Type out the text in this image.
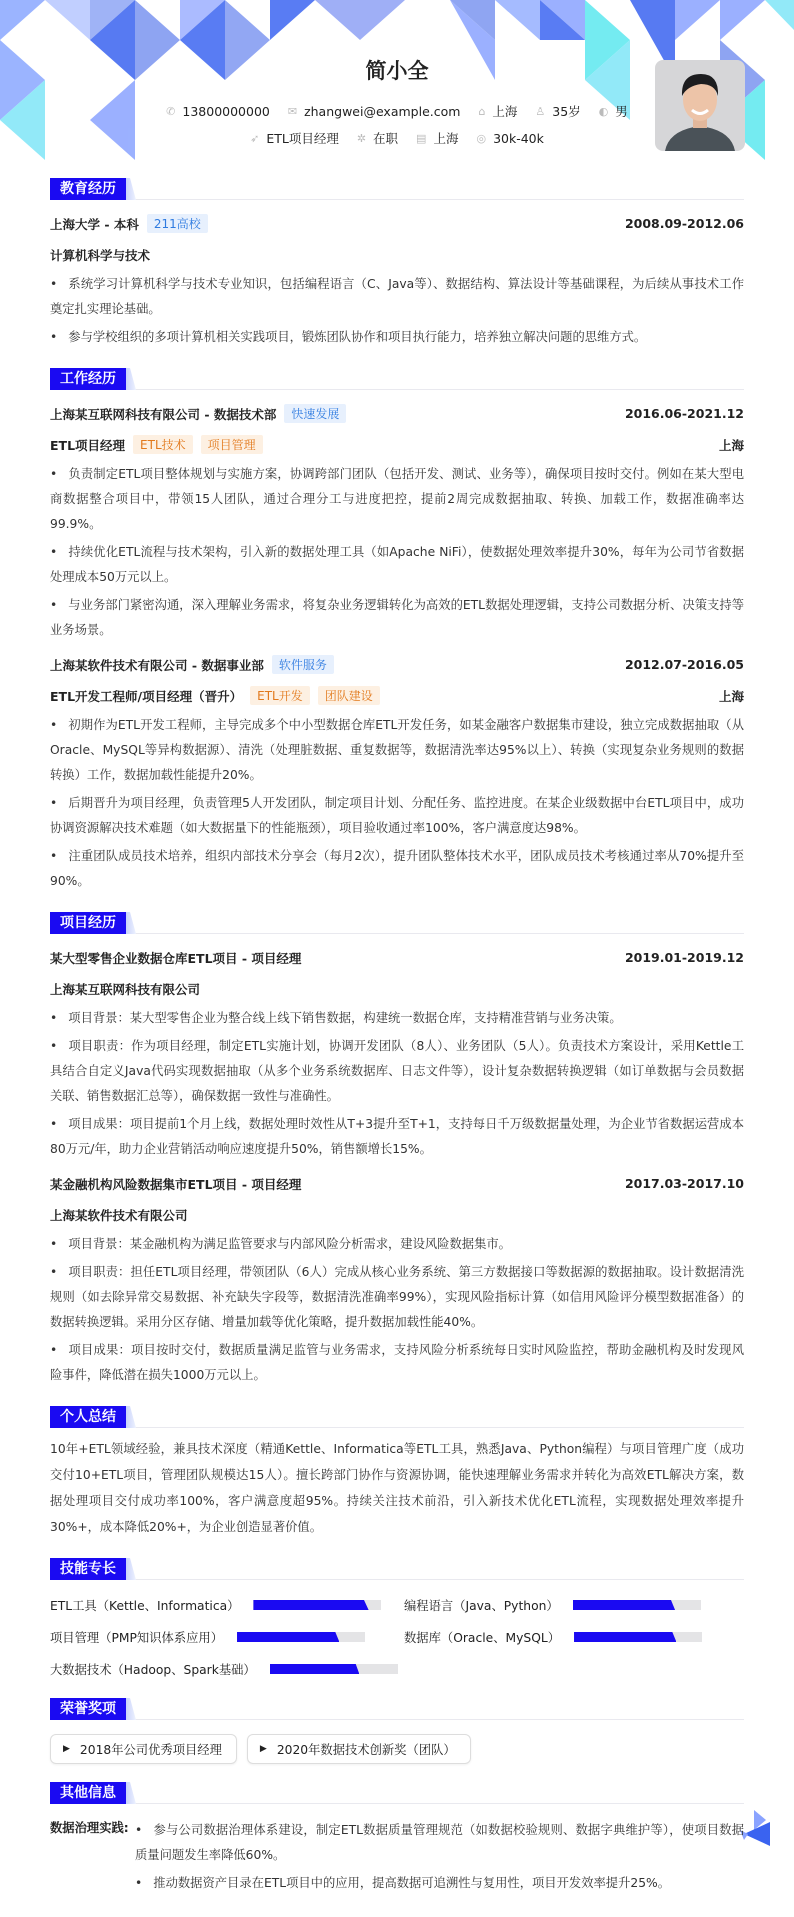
简小全
✆ 13800000000
✉ zhangwei@example.com
⌂ 上海
♙ 35岁
◐ 男
➶ ETL项目经理
✲ 在职
▤ 上海
◎ 30k-40k
教育经历
上海大学 - 本科	211高校	2008.09-2012.06
计算机科学与技术
• 系统学习计算机科学与技术专业知识，包括编程语言（C、Java等）、数据结构、算法设计等基础课程，为后续从事技术工作奠定扎实理论基础。
• 参与学校组织的多项计算机相关实践项目，锻炼团队协作和项目执行能力，培养独立解决问题的思维方式。
工作经历
上海某互联网科技有限公司 - 数据技术部	快速发展	2016.06-2021.12
ETL项目经理	ETL技术	项目管理	上海
• 负责制定ETL项目整体规划与实施方案，协调跨部门团队（包括开发、测试、业务等），确保项目按时交付。例如在某大型电商数据整合项目中，带领15人团队，通过合理分工与进度把控，提前2周完成数据抽取、转换、加载工作，数据准确率达99.9%。
• 持续优化ETL流程与技术架构，引入新的数据处理工具（如Apache NiFi），使数据处理效率提升30%，每年为公司节省数据处理成本50万元以上。
• 与业务部门紧密沟通，深入理解业务需求，将复杂业务逻辑转化为高效的ETL数据处理逻辑，支持公司数据分析、决策支持等业务场景。
上海某软件技术有限公司 - 数据事业部	软件服务	2012.07-2016.05
ETL开发工程师/项目经理（晋升）	ETL开发	团队建设	上海
• 初期作为ETL开发工程师，主导完成多个中小型数据仓库ETL开发任务，如某金融客户数据集市建设，独立完成数据抽取（从Oracle、MySQL等异构数据源）、清洗（处理脏数据、重复数据等，数据清洗率达95%以上）、转换（实现复杂业务规则的数据转换）工作，数据加载性能提升20%。
• 后期晋升为项目经理，负责管理5人开发团队，制定项目计划、分配任务、监控进度。在某企业级数据中台ETL项目中，成功协调资源解决技术难题（如大数据量下的性能瓶颈），项目验收通过率100%，客户满意度达98%。
• 注重团队成员技术培养，组织内部技术分享会（每月2次），提升团队整体技术水平，团队成员技术考核通过率从70%提升至90%。
项目经历
某大型零售企业数据仓库ETL项目 - 项目经理	2019.01-2019.12
上海某互联网科技有限公司
• 项目背景：某大型零售企业为整合线上线下销售数据，构建统一数据仓库，支持精准营销与业务决策。
• 项目职责：作为项目经理，制定ETL实施计划，协调开发团队（8人）、业务团队（5人）。负责技术方案设计，采用Kettle工具结合自定义Java代码实现数据抽取（从多个业务系统数据库、日志文件等），设计复杂数据转换逻辑（如订单数据与会员数据关联、销售数据汇总等），确保数据一致性与准确性。
• 项目成果：项目提前1个月上线，数据处理时效性从T+3提升至T+1，支持每日千万级数据量处理，为企业节省数据运营成本80万元/年，助力企业营销活动响应速度提升50%，销售额增长15%。
某金融机构风险数据集市ETL项目 - 项目经理	2017.03-2017.10
上海某软件技术有限公司
• 项目背景：某金融机构为满足监管要求与内部风险分析需求，建设风险数据集市。
• 项目职责：担任ETL项目经理，带领团队（6人）完成从核心业务系统、第三方数据接口等数据源的数据抽取。设计数据清洗规则（如去除异常交易数据、补充缺失字段等，数据清洗准确率99%），实现风险指标计算（如信用风险评分模型数据准备）的数据转换逻辑。采用分区存储、增量加载等优化策略，提升数据加载性能40%。
• 项目成果：项目按时交付，数据质量满足监管与业务需求，支持风险分析系统每日实时风险监控，帮助金融机构及时发现风险事件，降低潜在损失1000万元以上。
个人总结
10年+ETL领域经验，兼具技术深度（精通Kettle、Informatica等ETL工具，熟悉Java、Python编程）与项目管理广度（成功交付10+ETL项目，管理团队规模达15人）。擅长跨部门协作与资源协调，能快速理解业务需求并转化为高效ETL解决方案，数据处理项目交付成功率100%，客户满意度超95%。持续关注技术前沿，引入新技术优化ETL流程，实现数据处理效率提升30%+，成本降低20%+，为企业创造显著价值。
技能专长
ETL工具（Kettle、Informatica）	编程语言（Java、Python）
项目管理（PMP知识体系应用）	数据库（Oracle、MySQL）
大数据技术（Hadoop、Spark基础）
荣誉奖项
▶ 2018年公司优秀项目经理	▶ 2020年数据技术创新奖（团队）
其他信息
数据治理实践:	• 参与公司数据治理体系建设，制定ETL数据质量管理规范（如数据校验规则、数据字典维护等），使项目数据质量问题发生率降低60%。
• 推动数据资产目录在ETL项目中的应用，提高数据可追溯性与复用性，项目开发效率提升25%。
